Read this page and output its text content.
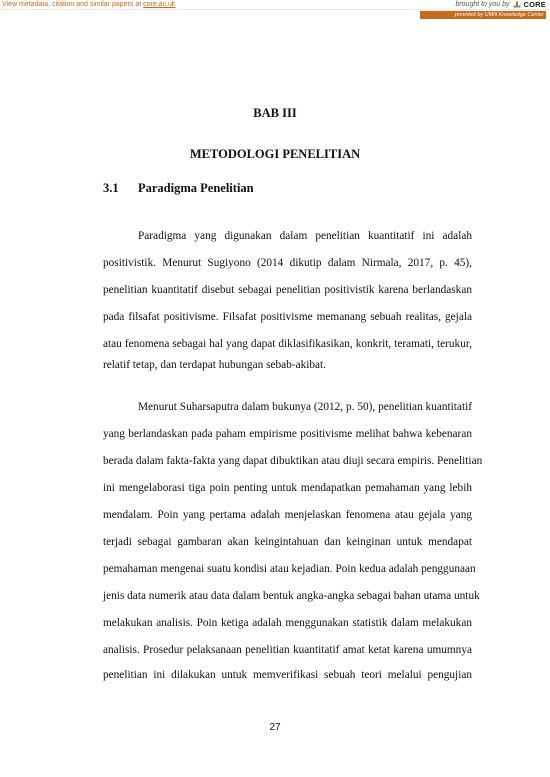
View metadata, citation and similar papers at core.ac.uk	brought to you by CORE
provided by UMN Knowledge Center
BAB III
METODOLOGI PENELITIAN
3.1 Paradigma Penelitian
Paradigma yang digunakan dalam penelitian kuantitatif ini adalah
positivistik. Menurut Sugiyono (2014 dikutip dalam Nirmala, 2017, p. 45),
penelitian kuantitatif disebut sebagai penelitian positivistik karena berlandaskan
pada filsafat positivisme. Filsafat positivisme memanang sebuah realitas, gejala
atau fenomena sebagai hal yang dapat diklasifikasikan, konkrit, teramati, terukur,
relatif tetap, dan terdapat hubungan sebab-akibat.
Menurut Suharsaputra dalam bukunya (2012, p. 50), penelitian kuantitatif
yang berlandaskan pada paham empirisme positivisme melihat bahwa kebenaran
berada dalam fakta-fakta yang dapat dibuktikan atau diuji secara empiris. Penelitian
ini mengelaborasi tiga poin penting untuk mendapatkan pemahaman yang lebih
mendalam. Poin yang pertama adalah menjelaskan fenomena atau gejala yang
terjadi sebagai gambaran akan keingintahuan dan keinginan untuk mendapat
pemahaman mengenai suatu kondisi atau kejadian. Poin kedua adalah penggunaan
jenis data numerik atau data dalam bentuk angka-angka sebagai bahan utama untuk
melakukan analisis. Poin ketiga adalah menggunakan statistik dalam melakukan
analisis. Prosedur pelaksanaan penelitian kuantitatif amat ketat karena umumnya
penelitian ini dilakukan untuk memverifikasi sebuah teori melalui pengujian
27
